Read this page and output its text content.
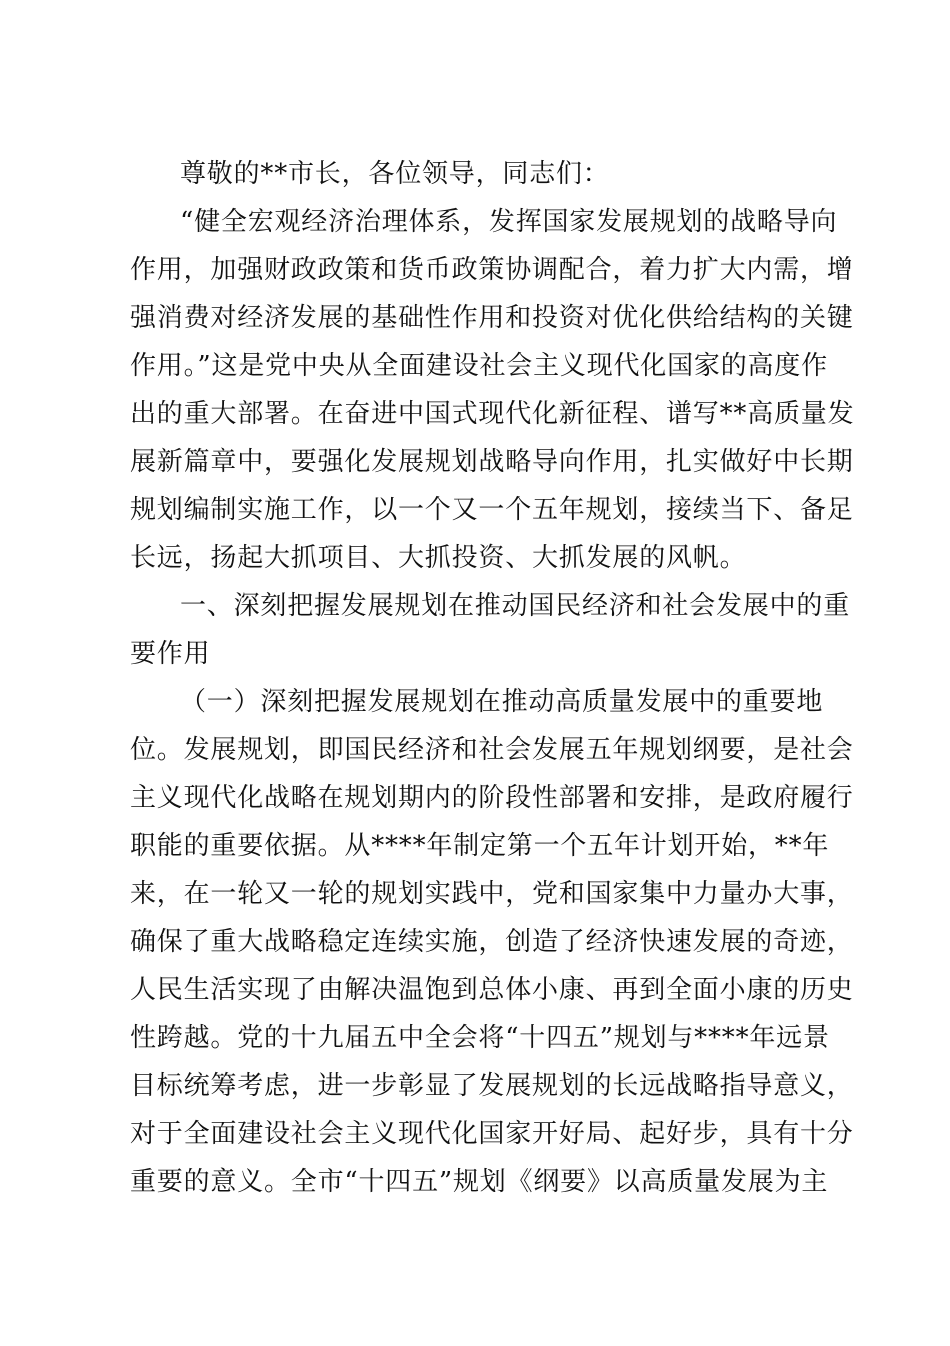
尊敬的**市长，各位领导，同志们：
“健全宏观经济治理体系，发挥国家发展规划的战略导向
作用，加强财政政策和货币政策协调配合，着力扩大内需，增
强消费对经济发展的基础性作用和投资对优化供给结构的关键
作用。”这是党中央从全面建设社会主义现代化国家的高度作
出的重大部署。在奋进中国式现代化新征程、谱写**高质量发
展新篇章中，要强化发展规划战略导向作用，扎实做好中长期
规划编制实施工作，以一个又一个五年规划，接续当下、备足
长远，扬起大抓项目、大抓投资、大抓发展的风帆。
一、深刻把握发展规划在推动国民经济和社会发展中的重
要作用
（一）深刻把握发展规划在推动高质量发展中的重要地
位。发展规划，即国民经济和社会发展五年规划纲要，是社会
主义现代化战略在规划期内的阶段性部署和安排，是政府履行
职能的重要依据。从****年制定第一个五年计划开始，**年
来，在一轮又一轮的规划实践中，党和国家集中力量办大事，
确保了重大战略稳定连续实施，创造了经济快速发展的奇迹，
人民生活实现了由解决温饱到总体小康、再到全面小康的历史
性跨越。党的十九届五中全会将“十四五”规划与****年远景
目标统筹考虑，进一步彰显了发展规划的长远战略指导意义，
对于全面建设社会主义现代化国家开好局、起好步，具有十分
重要的意义。全市“十四五”规划《纲要》以高质量发展为主
